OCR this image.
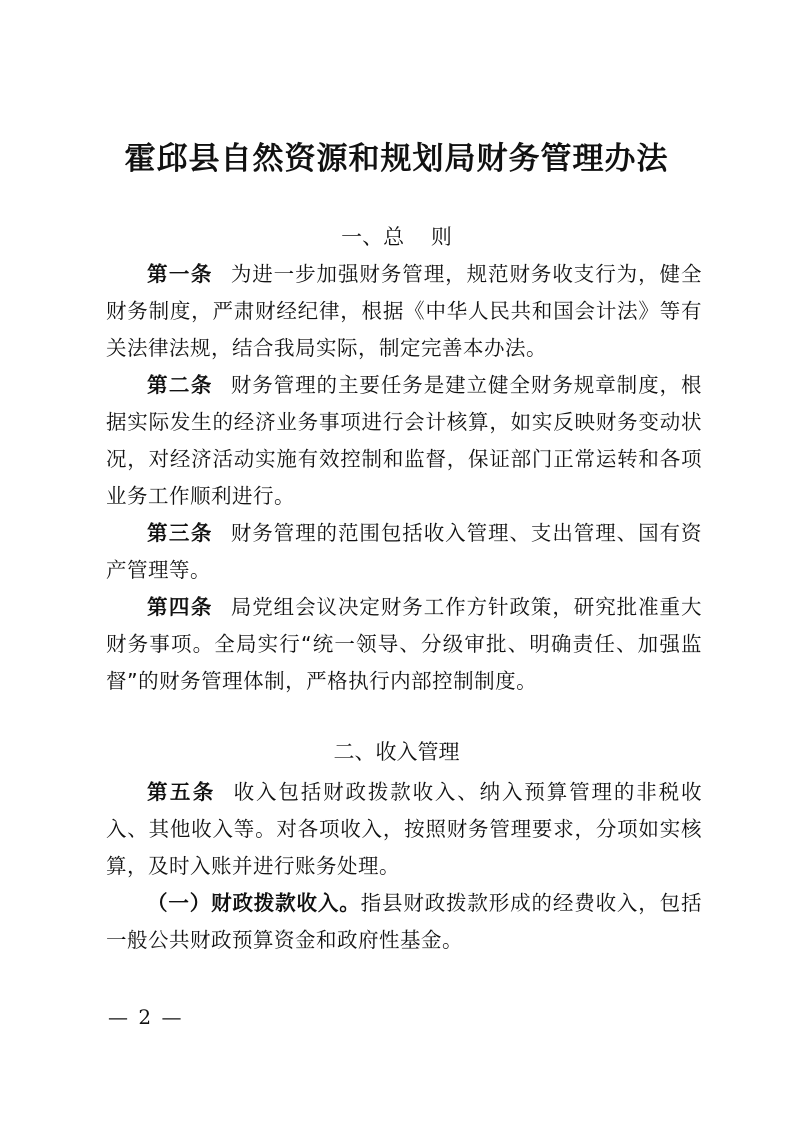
霍邱县自然资源和规划局财务管理办法
一、总    则

第一条 为进一步加强财务管理，规范财务收支行为，健全财务制度，严肃财经纪律，根据《中华人民共和国会计法》等有关法律法规，结合我局实际，制定完善本办法。

第二条 财务管理的主要任务是建立健全财务规章制度，根据实际发生的经济业务事项进行会计核算，如实反映财务变动状况，对经济活动实施有效控制和监督，保证部门正常运转和各项业务工作顺利进行。

第三条 财务管理的范围包括收入管理、支出管理、国有资产管理等。

第四条 局党组会议决定财务工作方针政策，研究批准重大财务事项。全局实行“统一领导、分级审批、明确责任、加强监督”的财务管理体制，严格执行内部控制制度。

二、收入管理

第五条 收入包括财政拨款收入、纳入预算管理的非税收入、其他收入等。对各项收入，按照财务管理要求，分项如实核算，及时入账并进行账务处理。

（一）财政拨款收入。指县财政拨款形成的经费收入，包括一般公共财政预算资金和政府性基金。

— 2 —
